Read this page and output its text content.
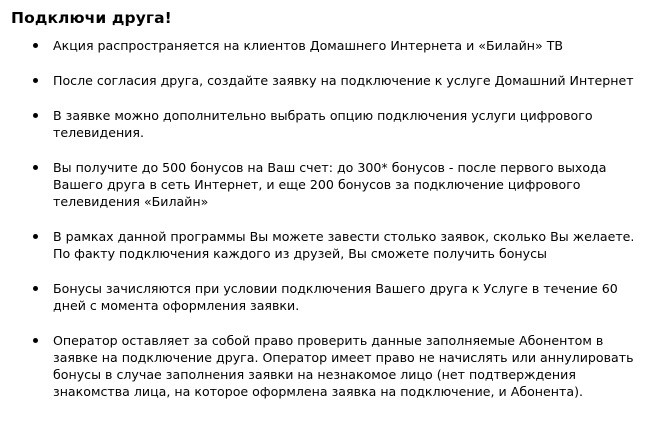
Подключи друга!
Акция распространяется на клиентов Домашнего Интернета и «Билайн» ТВ
После согласия друга, создайте заявку на подключение к услуге Домашний Интернет
В заявке можно дополнительно выбрать опцию подключения услуги цифрового телевидения.
Вы получите до 500 бонусов на Ваш счет: до 300* бонусов - после первого выхода Вашего друга в сеть Интернет, и еще 200 бонусов за подключение цифрового телевидения «Билайн»
В рамках данной программы Вы можете завести столько заявок, сколько Вы желаете. По факту подключения каждого из друзей, Вы сможете получить бонусы
Бонусы зачисляются при условии подключения Вашего друга к Услуге в течение 60 дней с момента оформления заявки.
Оператор оставляет за собой право проверить данные заполняемые Абонентом в заявке на подключение друга. Оператор имеет право не начислять или аннулировать бонусы в случае заполнения заявки на незнакомое лицо (нет подтверждения знакомства лица, на которое оформлена заявка на подключение, и Абонента).
